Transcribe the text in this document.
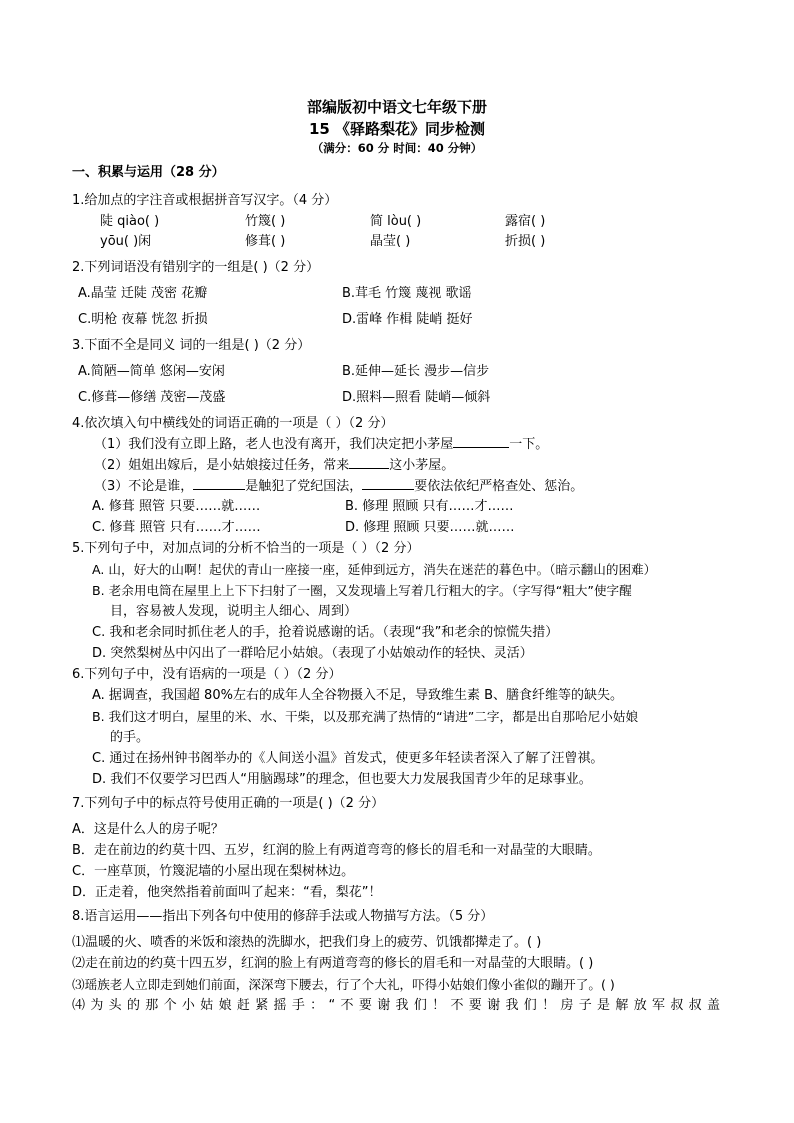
部编版初中语文七年级下册
15 《驿路梨花》同步检测
（满分：60 分 时间：40 分钟）
一、积累与运用（28 分）
1.给加点的字注音或根据拼音写汉字。（4 分）
陡 qiào( )	竹篾( )	简 lòu( )	露宿( )
yōu( )闲	修葺( )	晶莹( )	折损( )
2.下列词语没有错别字的一组是( )（2 分）
A.晶莹 迁陡 茂密 花瓣	B.茸毛 竹篾 蔑视 歌谣
C.明枪 夜幕 恍忽 折损	D.雷峰 作楫 陡峭 挺好
3.下面不全是同义 词的一组是( )（2 分）
A.简陋—简单 悠闲—安闲	B.延伸—延长 漫步—信步
C.修葺—修缮 茂密—茂盛	D.照料—照看 陡峭—倾斜
4.依次填入句中横线处的词语正确的一项是（ ）（2 分）
（1）我们没有立即上路，老人也没有离开，我们决定把小茅屋	一下。
（2）姐姐出嫁后，是小姑娘接过任务，常来	这小茅屋。
（3）不论是谁，	是触犯了党纪国法，	要依法依纪严格查处、惩治。
A. 修葺 照管 只要……就……	B. 修理 照顾 只有……才……
C. 修葺 照管 只有……才……	D. 修理 照顾 只要……就……
5.下列句子中，对加点词的分析不恰当的一项是（ ）（2 分）
A. 山，好大的山啊！起伏的青山一座接一座，延伸到远方，消失在迷茫的暮色中。（暗示翻山的困难）
B. 老余用电筒在屋里上上下下扫射了一圈，又发现墙上写着几行粗大的字。（字写得“粗大”使字醒
目，容易被人发现，说明主人细心、周到）
C. 我和老余同时抓住老人的手，抢着说感谢的话。（表现“我”和老余的惊慌失措）
D. 突然梨树丛中闪出了一群哈尼小姑娘。（表现了小姑娘动作的轻快、灵活）
6.下列句子中，没有语病的一项是（ ）（2 分）
A. 据调查，我国超 80%左右的成年人全谷物摄入不足，导致维生素 B、膳食纤维等的缺失。
B. 我们这才明白，屋里的米、水、干柴，以及那充满了热情的“请进”二字，都是出自那哈尼小姑娘
的手。
C. 通过在扬州钟书阁举办的《人间送小温》首发式，使更多年轻读者深入了解了汪曾祺。
D. 我们不仅要学习巴西人“用脑踢球”的理念，但也要大力发展我国青少年的足球事业。
7.下列句子中的标点符号使用正确的一项是( )（2 分）
A．这是什么人的房子呢？
B．走在前边的约莫十四、五岁，红润的脸上有两道弯弯的修长的眉毛和一对晶莹的大眼睛。
C．一座草顶，竹篾泥墙的小屋出现在梨树林边。
D．正走着，他突然指着前面叫了起来：“看，梨花”！
8.语言运用——指出下列各句中使用的修辞手法或人物描写方法。（5 分）
⑴温暖的火、喷香的米饭和滚热的洗脚水，把我们身上的疲劳、饥饿都撵走了。( )
⑵走在前边的约莫十四五岁，红润的脸上有两道弯弯的修长的眉毛和一对晶莹的大眼睛。( )
⑶瑶族老人立即走到她们前面，深深弯下腰去，行了个大礼，吓得小姑娘们像小雀似的蹦开了。( )
⑷为头的那个小姑娘赶紧摇手：“不要谢我们！不要谢我们！房子是解放军叔叔盖
